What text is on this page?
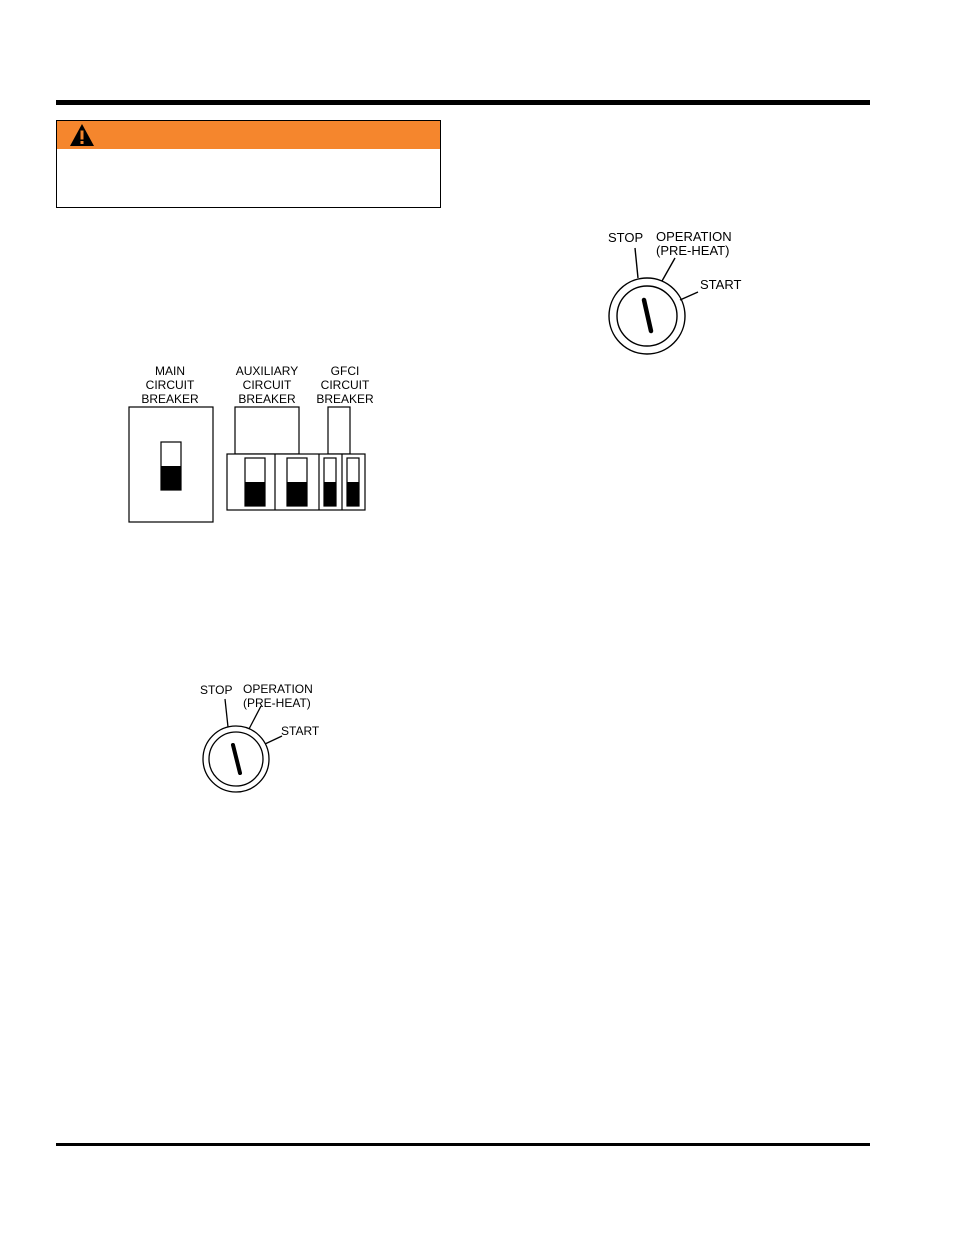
MAIN
CIRCUIT
BREAKER
AUXILIARY
CIRCUIT
BREAKER
GFCI
CIRCUIT
BREAKER
STOP OPERATION
(PRE-HEAT)
START
STOP OPERATION
(PRE-HEAT)
START
